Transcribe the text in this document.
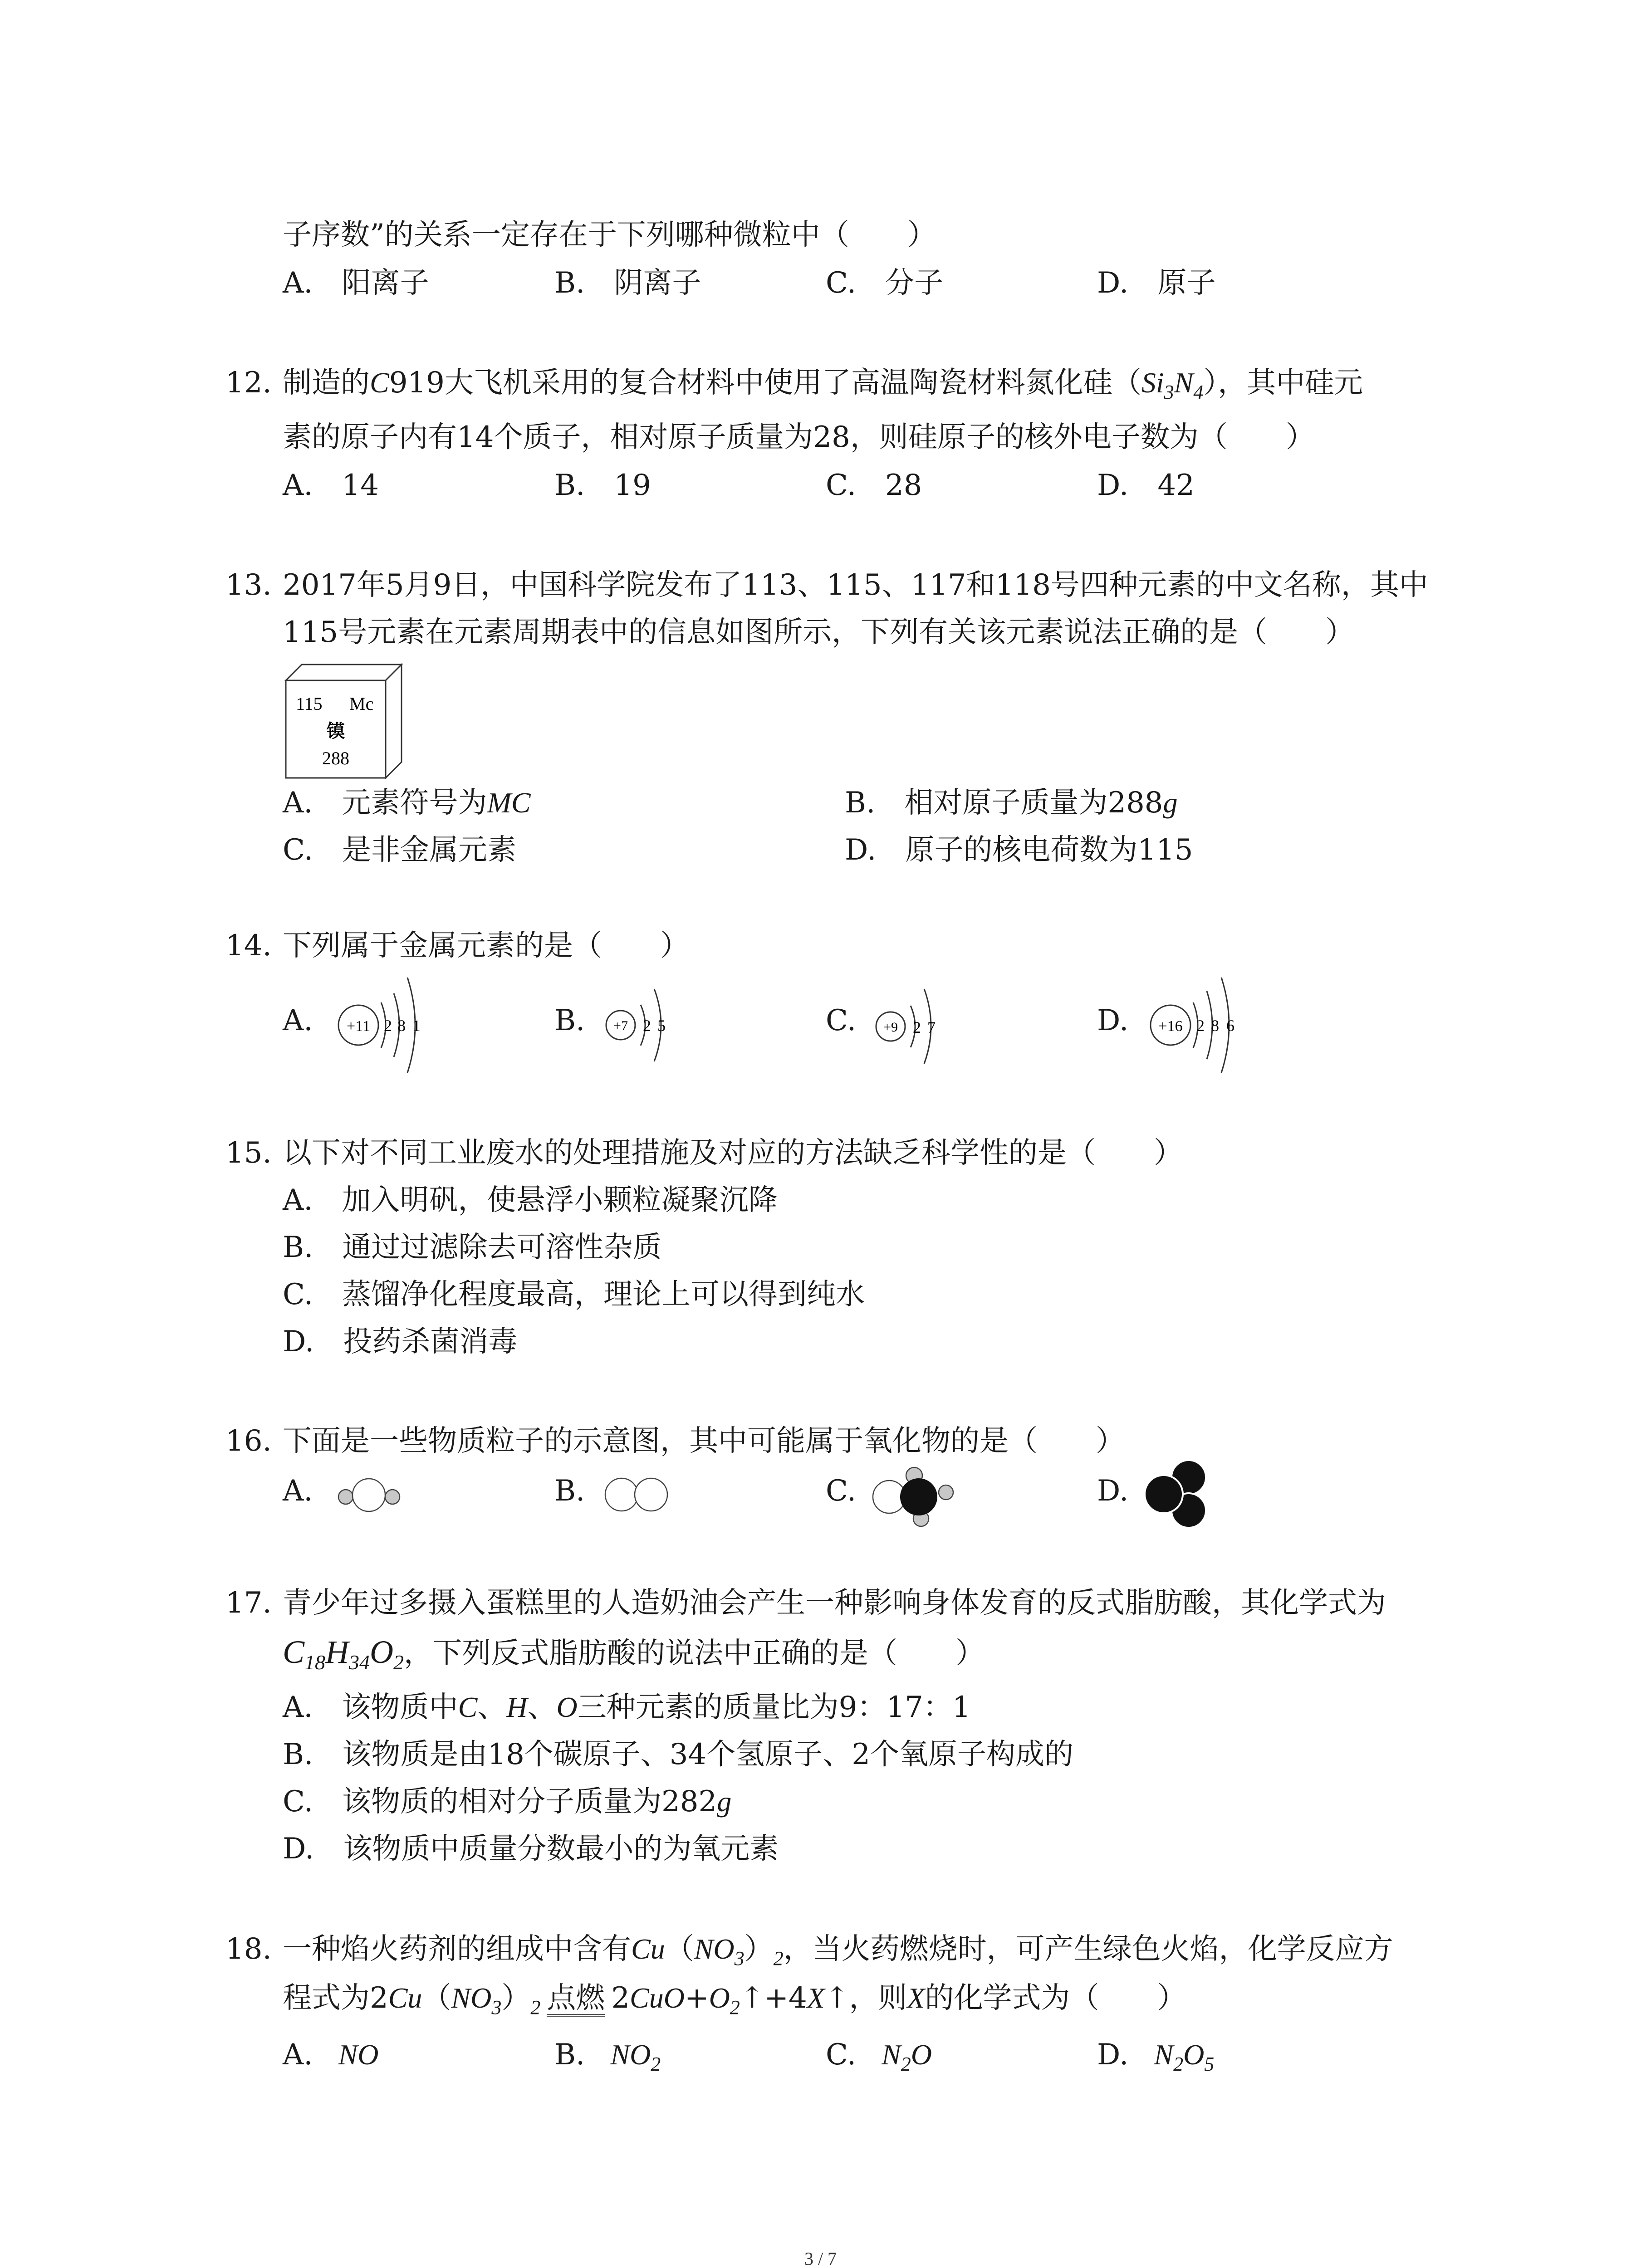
子序数”的关系一定存在于下列哪种微粒中（　　）
A.　阳离子	B.　阴离子	C.　分子	D.　原子
12. 制造的C919大飞机采用的复合材料中使用了高温陶瓷材料氮化硅$(Si_3N_4)$，其中硅元
素的原子内有14个质子，相对原子质量为28，则硅原子的核外电子数为（　　）
A.　14	B.　19	C.　28	D.　42
13. 2017年5月9日，中国科学院发布了113、115、117和118号四种元素的中文名称，其中
115号元素在元素周期表中的信息如图所示，下列有关该元素说法正确的是（　　）
115 Mc
镆
288
A.　元素符号为MC	B.　相对原子质量为288g
C.　是非金属元素	D.　原子的核电荷数为115
14. 下列属于金属元素的是（　　）
A. +11 2 8 1	B. +7 2 5	C. +9 2 7	D. +16 2 8 6
15. 以下对不同工业废水的处理措施及对应的方法缺乏科学性的是（　　）
A.　加入明矾，使悬浮小颗粒凝聚沉降
B.　通过过滤除去可溶性杂质
C.　蒸馏净化程度最高，理论上可以得到纯水
D.　投药杀菌消毒
16. 下面是一些物质粒子的示意图，其中可能属于氧化物的是（　　）
A.	B.	C.	D.
17. 青少年过多摄入蛋糕里的人造奶油会产生一种影响身体发育的反式脂肪酸，其化学式为
$C_{18}H_{34}O_2$，下列反式脂肪酸的说法中正确的是（　　）
A.　该物质中C、H、O三种元素的质量比为9：17：1
B.　该物质是由18个碳原子、34个氢原子、2个氧原子构成的
C.　该物质的相对分子质量为282g
D.　该物质中质量分数最小的为氧元素
18. 一种焰火药剂的组成中含有$Cu(NO_3)_2$，当火药燃烧时，可产生绿色火焰，化学反应方
程式为$2Cu(NO_3)_2$ 点燃 $2CuO+O_2↑+4X↑$，则X的化学式为（　　）
A. NO	B. $NO_2$	C. $N_2O$	D. $N_2O_5$
3 / 7
